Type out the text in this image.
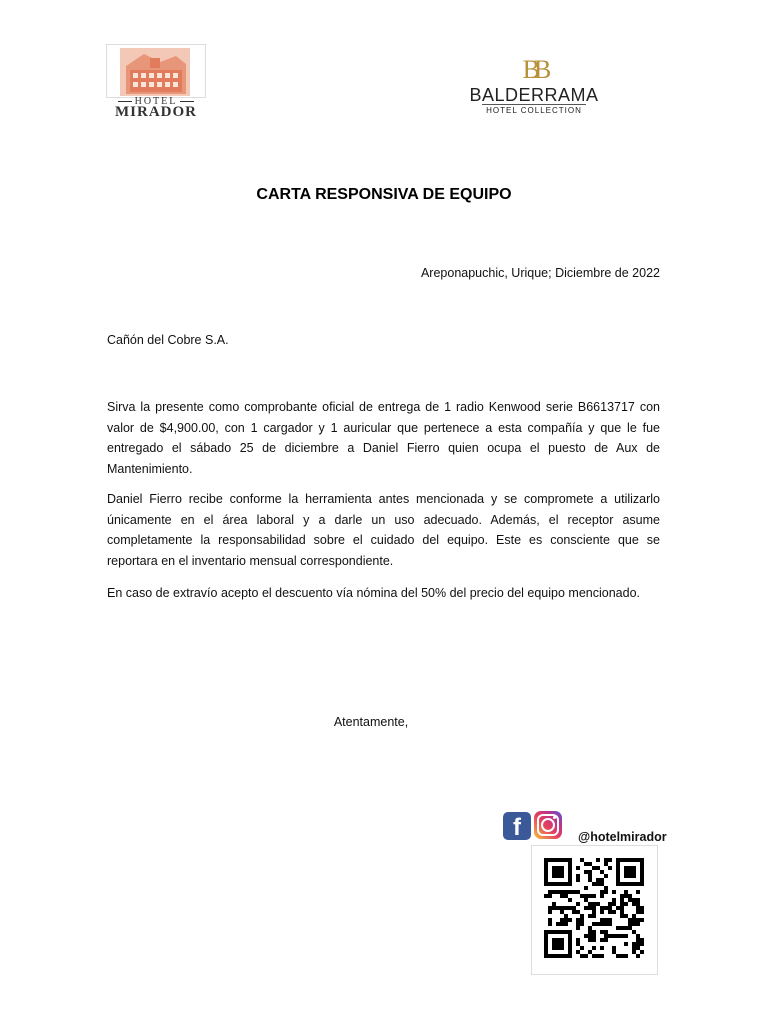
HOTEL
MIRADOR
BB
BALDERRAMA
HOTEL COLLECTION
CARTA RESPONSIVA DE EQUIPO
Areponapuchic, Urique; Diciembre de 2022
Cañón del Cobre S.A.
Sirva la presente como comprobante oficial de entrega de 1 radio Kenwood serie B6613717 con valor de $4,900.00, con 1 cargador y 1 auricular que pertenece a esta compañía y que le fue entregado el sábado 25 de diciembre a Daniel Fierro quien ocupa el puesto de Aux de Mantenimiento.
Daniel Fierro recibe conforme la herramienta antes mencionada y se compromete a utilizarlo únicamente en el área laboral y a darle un uso adecuado. Además, el receptor asume completamente la responsabilidad sobre el cuidado del equipo. Este es consciente que se reportara en el inventario mensual correspondiente.
En caso de extravío acepto el descuento vía nómina del 50% del precio del equipo mencionado.
Atentamente,
f	@hotelmirador
